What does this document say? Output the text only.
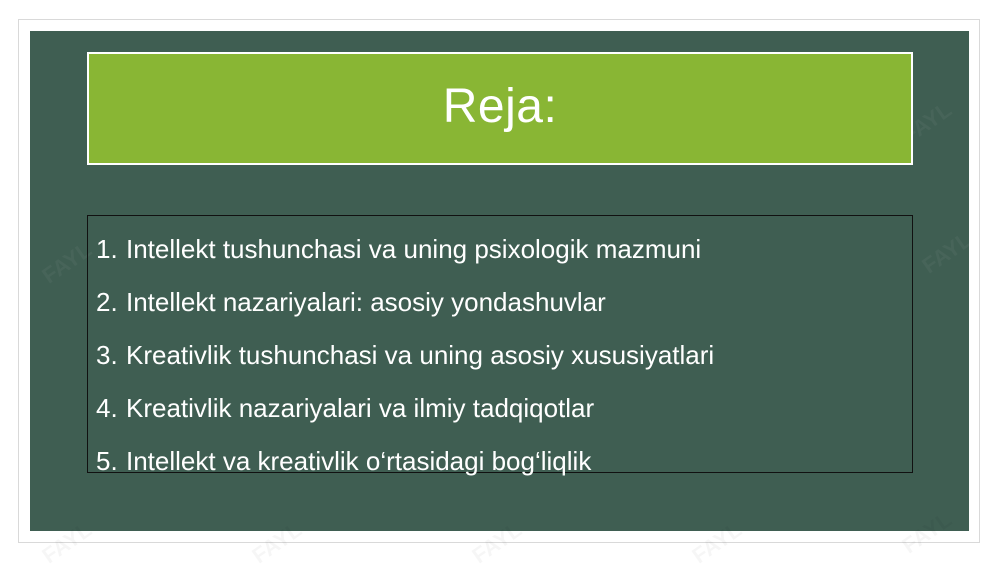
Reja:
1. Intellekt tushunchasi va uning psixologik mazmuni
2. Intellekt nazariyalari: asosiy yondashuvlar
3. Kreativlik tushunchasi va uning asosiy xususiyatlari
4. Kreativlik nazariyalari va ilmiy tadqiqotlar
5. Intellekt va kreativlik o‘rtasidagi bog‘liqlik
